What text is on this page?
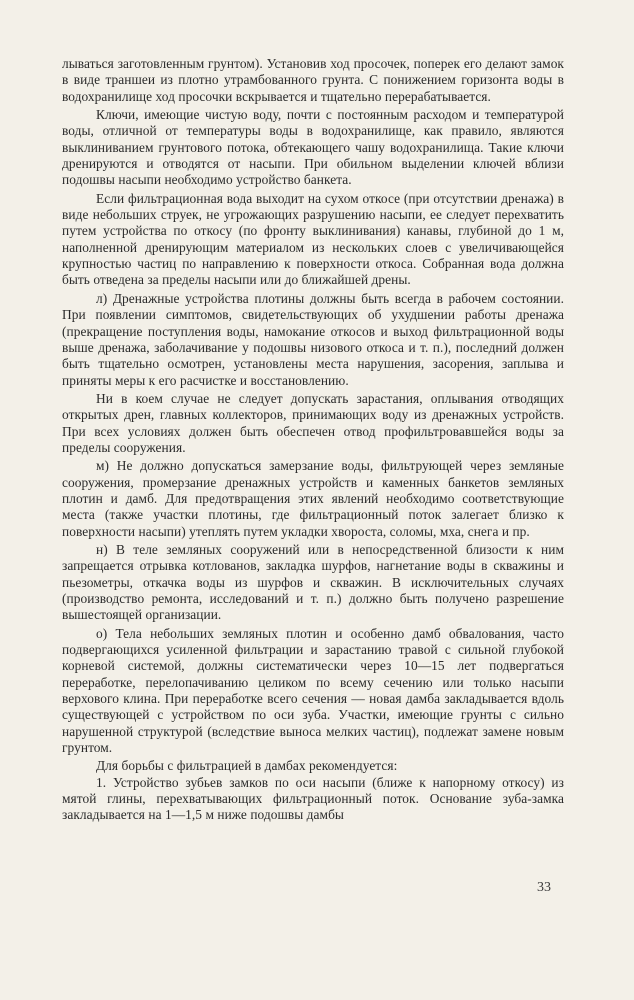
лываться заготовленным грунтом). Установив ход просочек, поперек его делают замок в виде траншеи из плотно утрамбованного грунта. С понижением горизонта воды в водохранилище ход просочки вскрывается и тщательно перерабатывается.

Ключи, имеющие чистую воду, почти с постоянным расходом и температурой воды, отличной от температуры воды в водохранилище, как правило, являются выклиниванием грунтового потока, обтекающего чашу водохранилища. Такие ключи дренируются и отводятся от насыпи. При обильном выделении ключей вблизи подошвы насыпи необходимо устройство банкета.

Если фильтрационная вода выходит на сухом откосе (при отсутствии дренажа) в виде небольших струек, не угрожающих разрушению насыпи, ее следует перехватить путем устройства по откосу (по фронту выклинивания) канавы, глубиной до 1 м, наполненной дренирующим материалом из нескольких слоев с увеличивающейся крупностью частиц по направлению к поверхности откоса. Собранная вода должна быть отведена за пределы насыпи или до ближайшей дрены.

л) Дренажные устройства плотины должны быть всегда в рабочем состоянии. При появлении симптомов, свидетельствующих об ухудшении работы дренажа (прекращение поступления воды, намокание откосов и выход фильтрационной воды выше дренажа, заболачивание у подошвы низового откоса и т. п.), последний должен быть тщательно осмотрен, установлены места нарушения, засорения, заплыва и приняты меры к его расчистке и восстановлению.

Ни в коем случае не следует допускать зарастания, оплывания отводящих открытых дрен, главных коллекторов, принимающих воду из дренажных устройств. При всех условиях должен быть обеспечен отвод профильтровавшейся воды за пределы сооружения.

м) Не должно допускаться замерзание воды, фильтрующей через земляные сооружения, промерзание дренажных устройств и каменных банкетов земляных плотин и дамб. Для предотвращения этих явлений необходимо соответствующие места (также участки плотины, где фильтрационный поток залегает близко к поверхности насыпи) утеплять путем укладки хвороста, соломы, мха, снега и пр.

н) В теле земляных сооружений или в непосредственной близости к ним запрещается отрывка котлованов, закладка шурфов, нагнетание воды в скважины и пьезометры, откачка воды из шурфов и скважин. В исключительных случаях (производство ремонта, исследований и т. п.) должно быть получено разрешение вышестоящей организации.

о) Тела небольших земляных плотин и особенно дамб обвалования, часто подвергающихся усиленной фильтрации и зарастанию травой с сильной глубокой корневой системой, должны систематически через 10—15 лет подвергаться переработке, перелопачиванию целиком по всему сечению или только насыпи верхового клина. При переработке всего сечения — новая дамба закладывается вдоль существующей с устройством по оси зуба. Участки, имеющие грунты с сильно нарушенной структурой (вследствие выноса мелких частиц), подлежат замене новым грунтом.

Для борьбы с фильтрацией в дамбах рекомендуется:

1. Устройство зубьев замков по оси насыпи (ближе к напорному откосу) из мятой глины, перехватывающих фильтрационный поток. Основание зуба-замка закладывается на 1—1,5 м ниже подошвы дамбы

33
